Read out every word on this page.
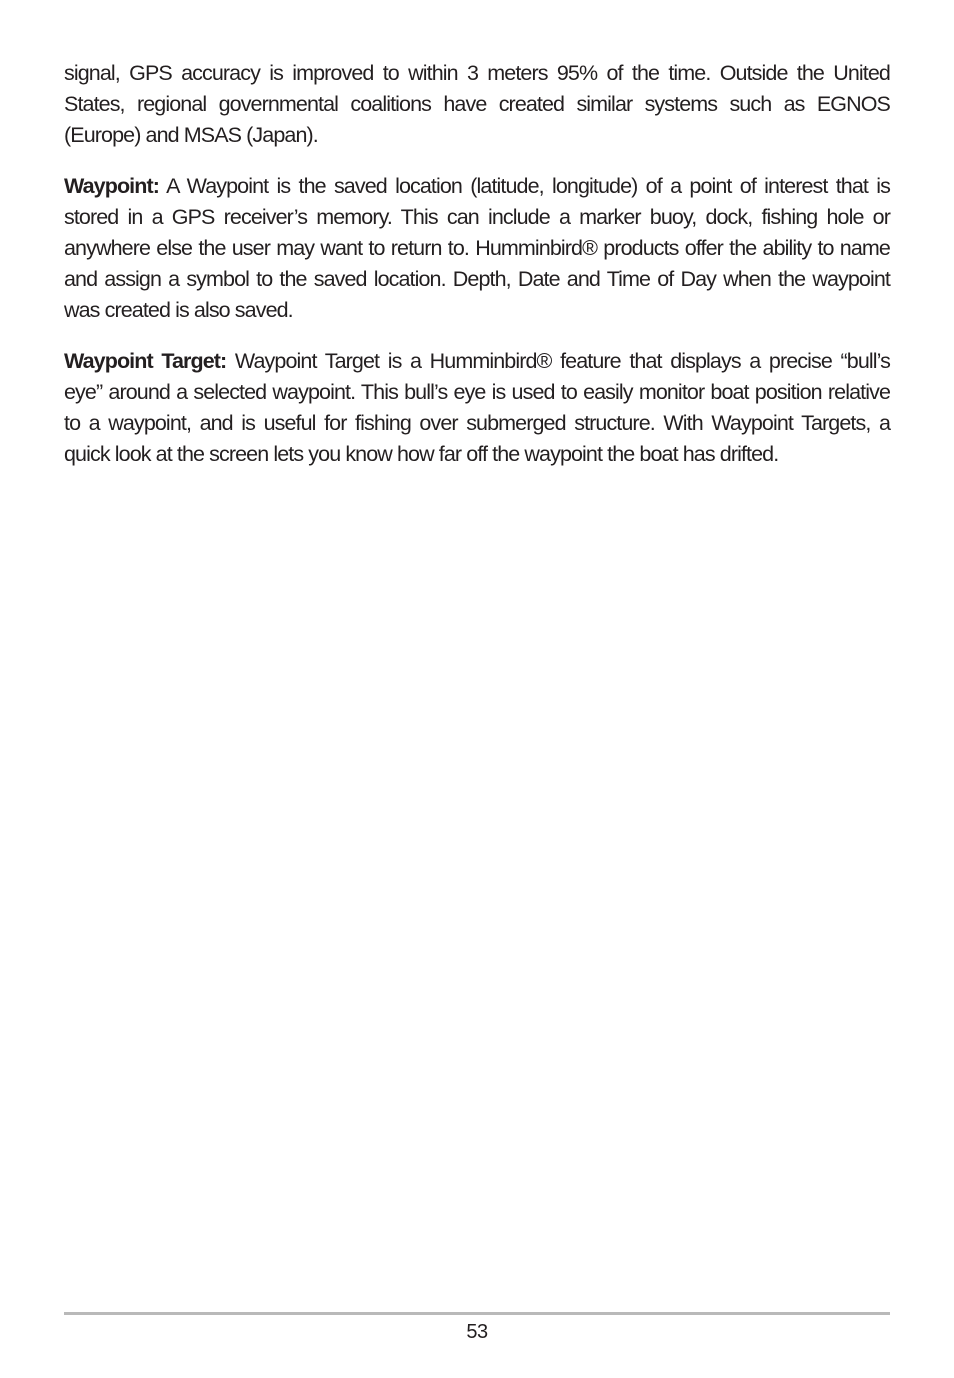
signal, GPS accuracy is improved to within 3 meters 95% of the time. Outside the United States, regional governmental coalitions have created similar systems such as EGNOS (Europe) and MSAS (Japan).

Waypoint: A Waypoint is the saved location (latitude, longitude) of a point of interest that is stored in a GPS receiver’s memory. This can include a marker buoy, dock, fishing hole or anywhere else the user may want to return to. Humminbird® products offer the ability to name and assign a symbol to the saved location. Depth, Date and Time of Day when the waypoint was created is also saved.

Waypoint Target: Waypoint Target is a Humminbird® feature that displays a precise “bull’s eye” around a selected waypoint. This bull’s eye is used to easily monitor boat position relative to a waypoint, and is useful for fishing over submerged structure. With Waypoint Targets, a quick look at the screen lets you know how far off the waypoint the boat has drifted.

53
